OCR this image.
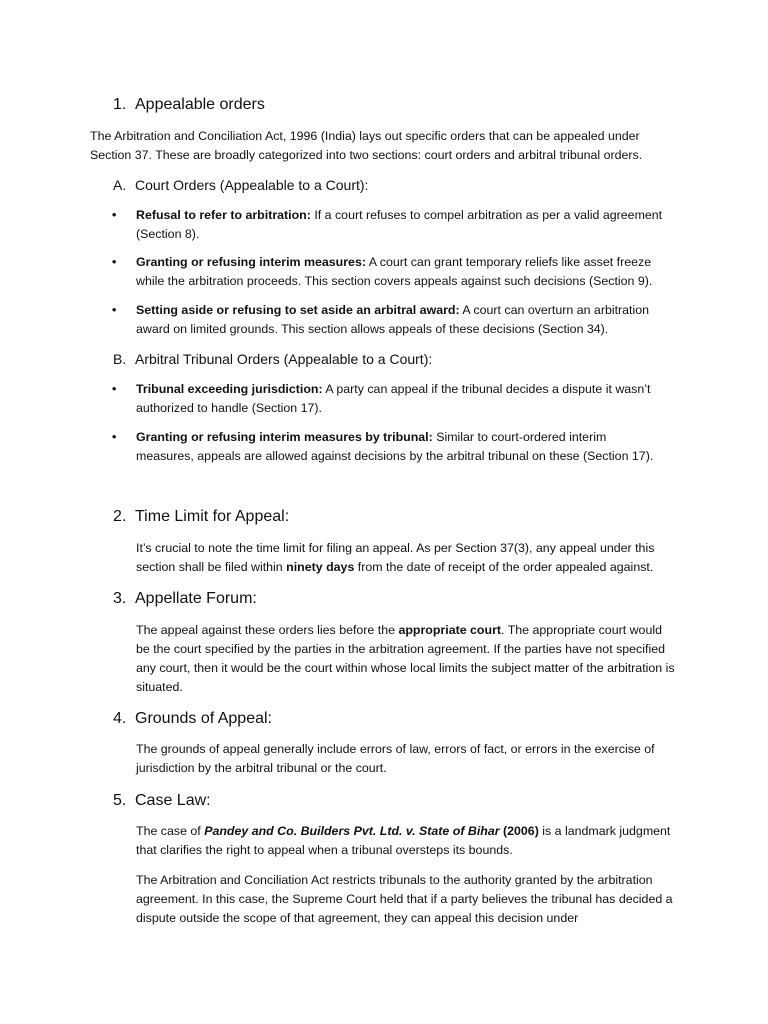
1. Appealable orders

The Arbitration and Conciliation Act, 1996 (India) lays out specific orders that can be appealed under Section 37. These are broadly categorized into two sections: court orders and arbitral tribunal orders.

A. Court Orders (Appealable to a Court):
• Refusal to refer to arbitration: If a court refuses to compel arbitration as per a valid agreement (Section 8).
• Granting or refusing interim measures: A court can grant temporary reliefs like asset freeze while the arbitration proceeds. This section covers appeals against such decisions (Section 9).
• Setting aside or refusing to set aside an arbitral award: A court can overturn an arbitration award on limited grounds. This section allows appeals of these decisions (Section 34).
B. Arbitral Tribunal Orders (Appealable to a Court):
• Tribunal exceeding jurisdiction: A party can appeal if the tribunal decides a dispute it wasn’t authorized to handle (Section 17).
• Granting or refusing interim measures by tribunal: Similar to court-ordered interim measures, appeals are allowed against decisions by the arbitral tribunal on these (Section 17).
2. Time Limit for Appeal:

It’s crucial to note the time limit for filing an appeal. As per Section 37(3), any appeal under this section shall be filed within ninety days from the date of receipt of the order appealed against.

3. Appellate Forum:

The appeal against these orders lies before the appropriate court. The appropriate court would be the court specified by the parties in the arbitration agreement. If the parties have not specified any court, then it would be the court within whose local limits the subject matter of the arbitration is situated.

4. Grounds of Appeal:

The grounds of appeal generally include errors of law, errors of fact, or errors in the exercise of jurisdiction by the arbitral tribunal or the court.

5. Case Law:

The case of Pandey and Co. Builders Pvt. Ltd. v. State of Bihar (2006) is a landmark judgment that clarifies the right to appeal when a tribunal oversteps its bounds.

The Arbitration and Conciliation Act restricts tribunals to the authority granted by the arbitration agreement. In this case, the Supreme Court held that if a party believes the tribunal has decided a dispute outside the scope of that agreement, they can appeal this decision under
